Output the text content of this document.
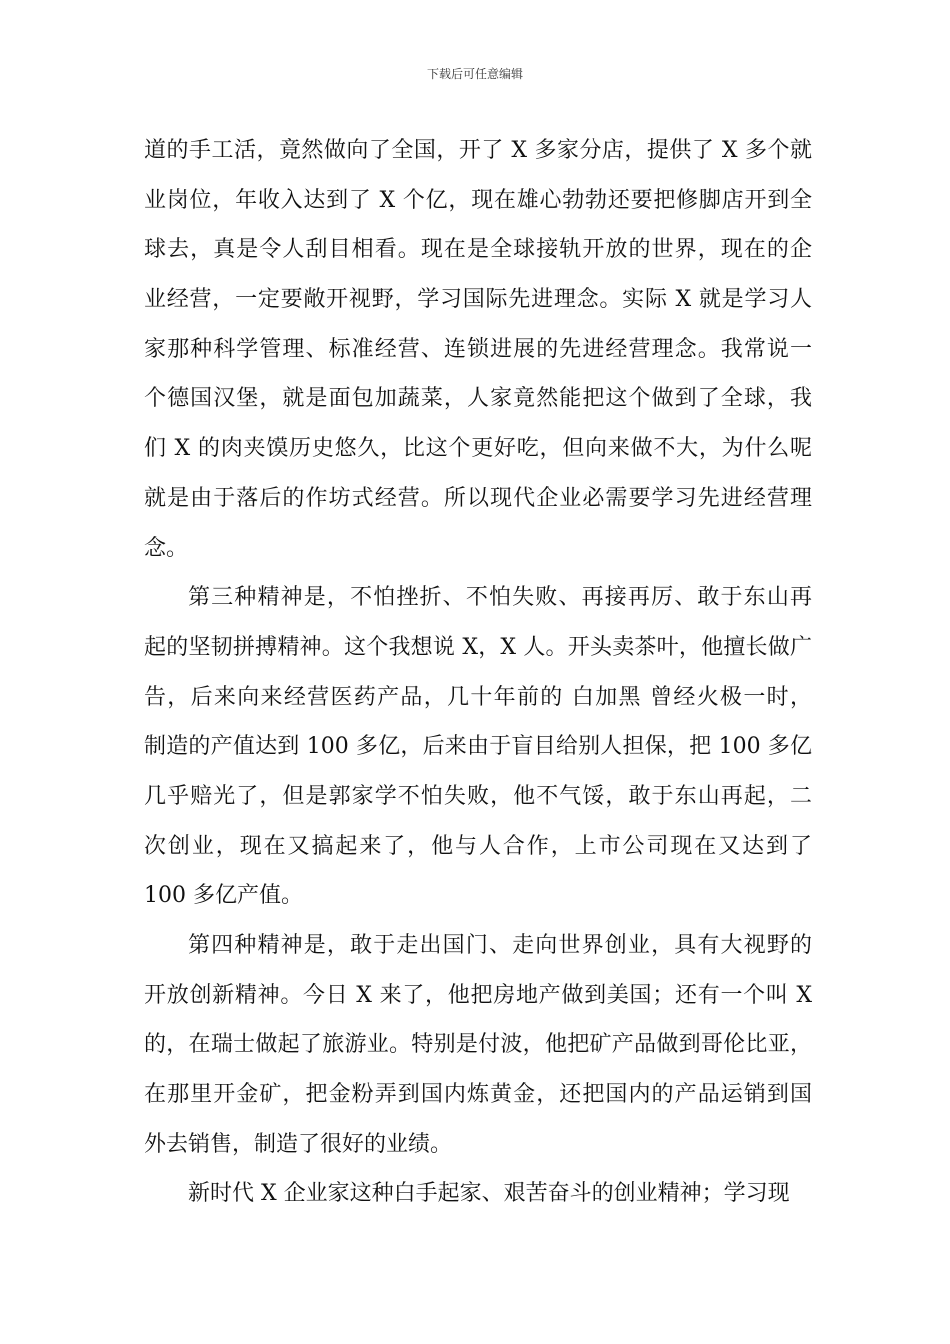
下载后可任意编辑
道的手工活，竟然做向了全国，开了 X 多家分店，提供了 X 多个就
业岗位，年收入达到了 X 个亿，现在雄心勃勃还要把修脚店开到全
球去，真是令人刮目相看。现在是全球接轨开放的世界，现在的企
业经营，一定要敞开视野，学习国际先进理念。实际 X 就是学习人
家那种科学管理、标准经营、连锁进展的先进经营理念。我常说一
个德国汉堡，就是面包加蔬菜，人家竟然能把这个做到了全球，我
们 X 的肉夹馍历史悠久，比这个更好吃，但向来做不大，为什么呢
就是由于落后的作坊式经营。所以现代企业必需要学习先进经营理
念。
第三种精神是，不怕挫折、不怕失败、再接再厉、敢于东山再
起的坚韧拼搏精神。这个我想说 X，X 人。开头卖茶叶，他擅长做广
告，后来向来经营医药产品，几十年前的 白加黑 曾经火极一时，
制造的产值达到 100 多亿，后来由于盲目给别人担保，把 100 多亿
几乎赔光了，但是郭家学不怕失败，他不气馁，敢于东山再起，二
次创业，现在又搞起来了，他与人合作，上市公司现在又达到了
100 多亿产值。
第四种精神是，敢于走出国门、走向世界创业，具有大视野的
开放创新精神。今日 X 来了，他把房地产做到美国；还有一个叫 X
的，在瑞士做起了旅游业。特别是付波，他把矿产品做到哥伦比亚，
在那里开金矿，把金粉弄到国内炼黄金，还把国内的产品运销到国
外去销售，制造了很好的业绩。
新时代 X 企业家这种白手起家、艰苦奋斗的创业精神；学习现
